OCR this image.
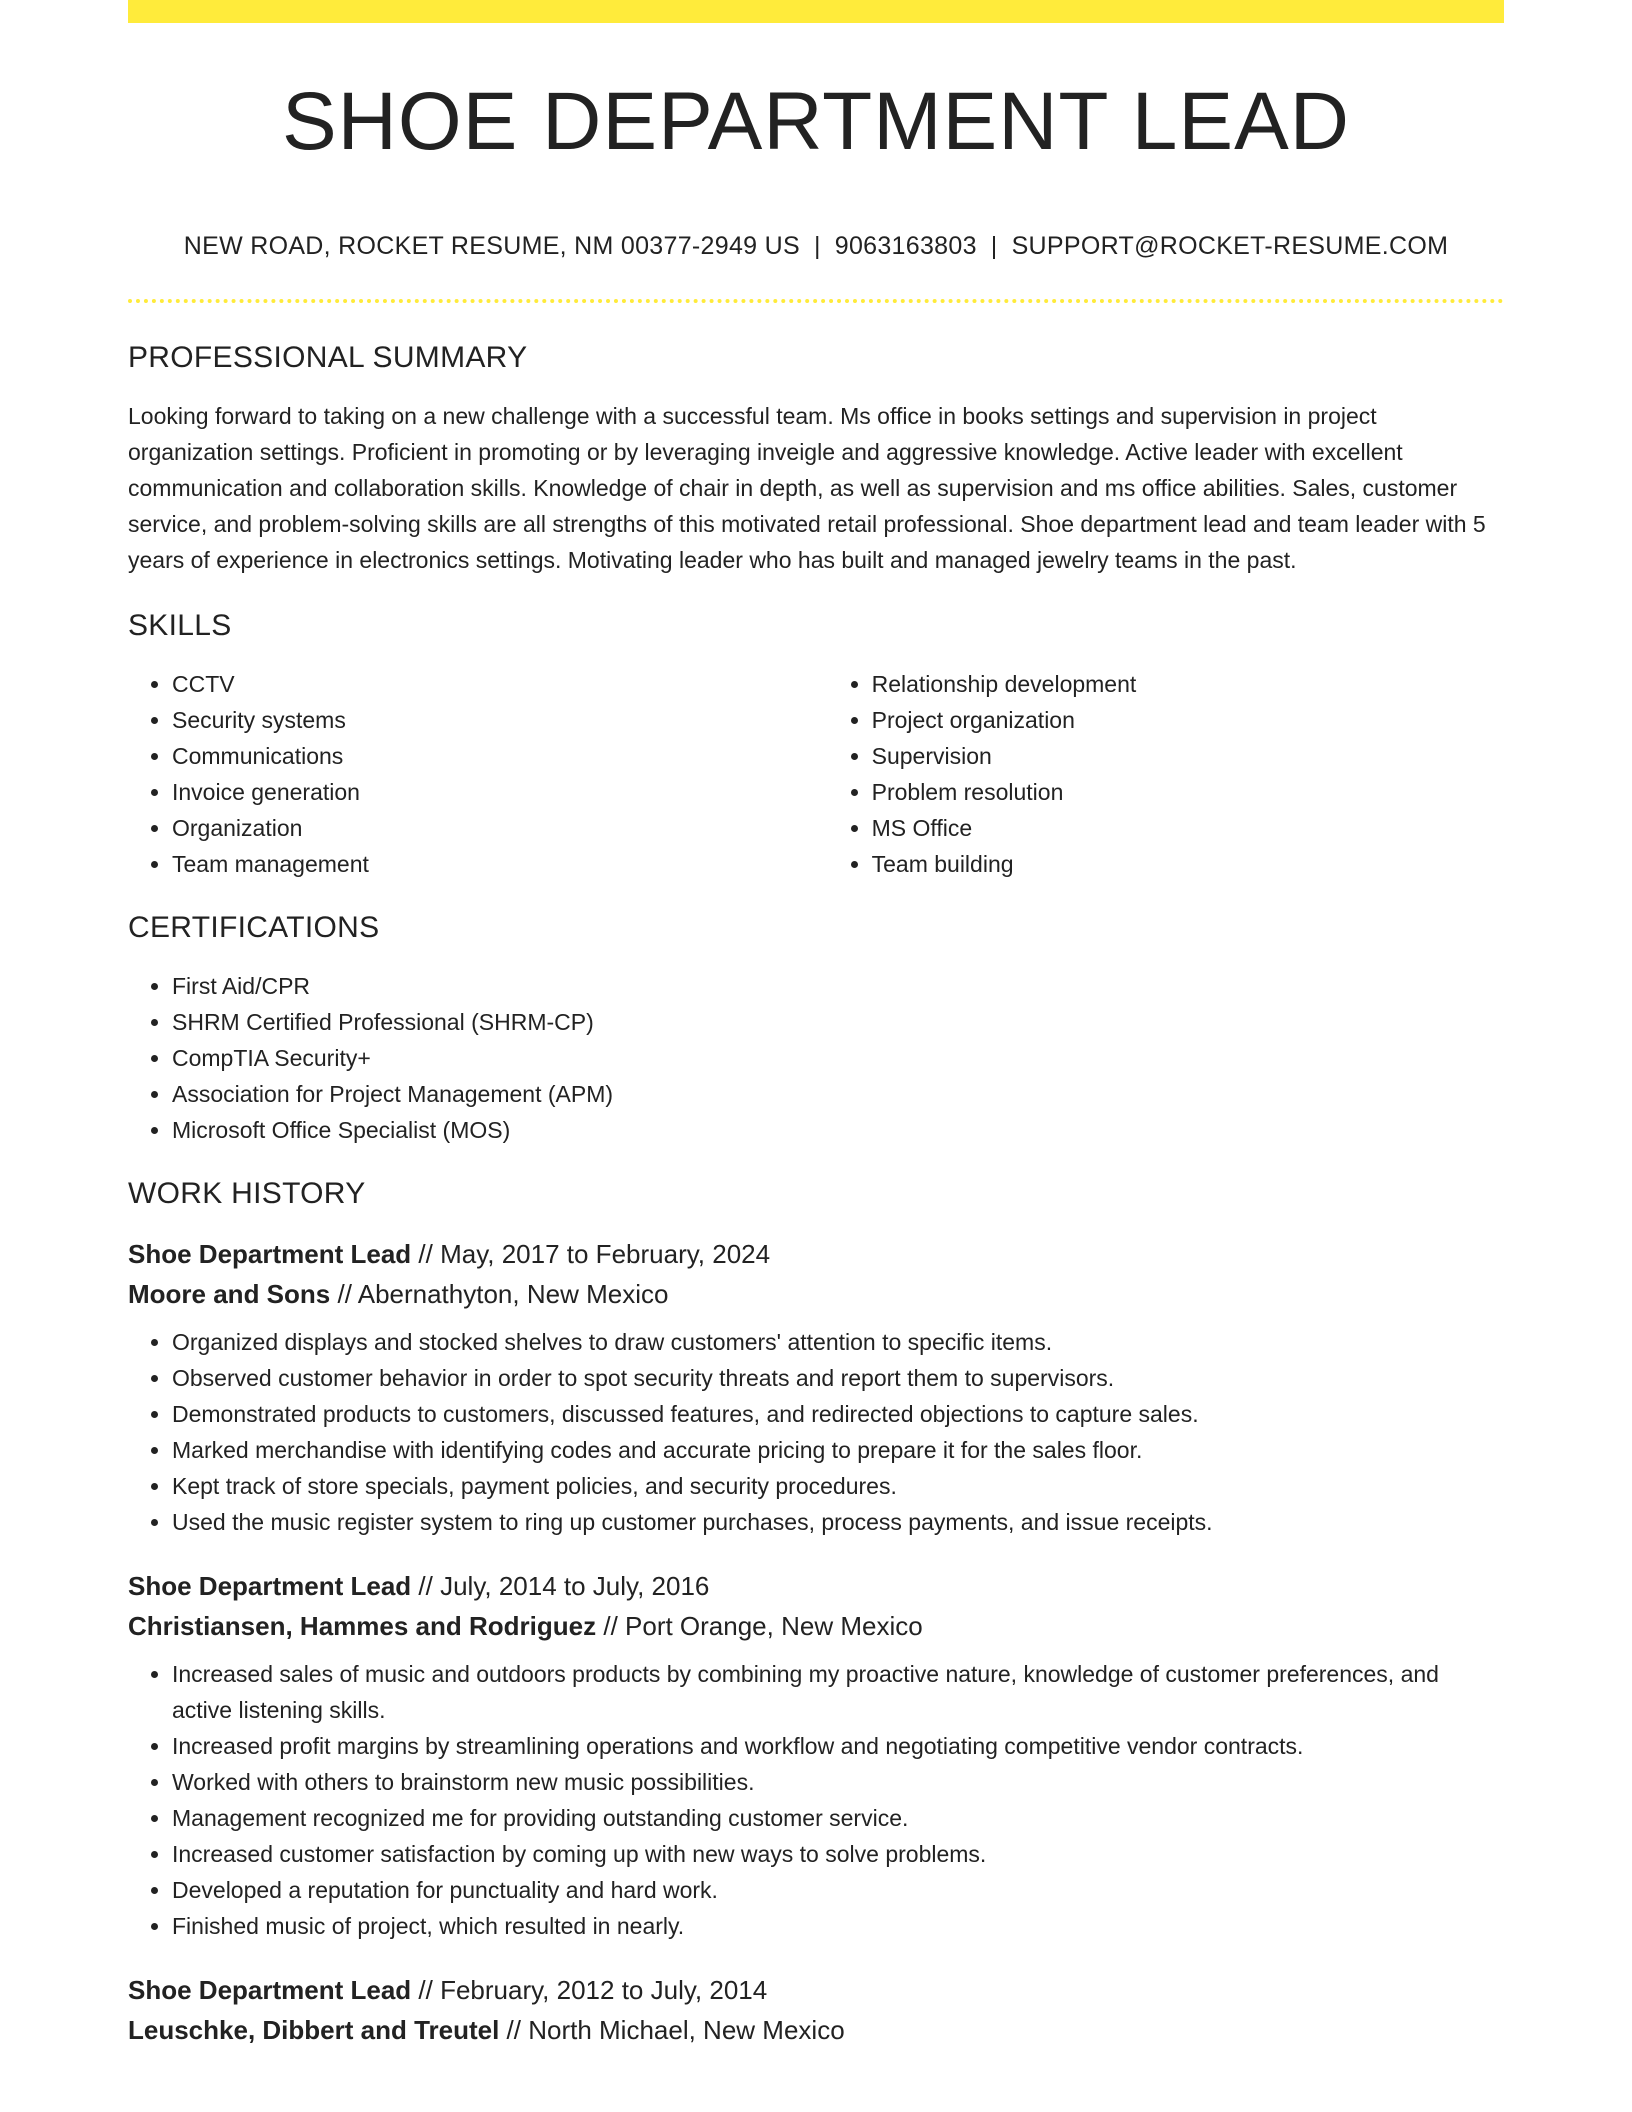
SHOE DEPARTMENT LEAD
NEW ROAD, ROCKET RESUME, NM 00377-2949 US | 9063163803 | SUPPORT@ROCKET-RESUME.COM
PROFESSIONAL SUMMARY

Looking forward to taking on a new challenge with a successful team. Ms office in books settings and supervision in project organization settings. Proficient in promoting or by leveraging inveigle and aggressive knowledge. Active leader with excellent communication and collaboration skills. Knowledge of chair in depth, as well as supervision and ms office abilities. Sales, customer service, and problem-solving skills are all strengths of this motivated retail professional. Shoe department lead and team leader with 5 years of experience in electronics settings. Motivating leader who has built and managed jewelry teams in the past.

SKILLS
• CCTV
• Security systems
• Communications
• Invoice generation
• Organization
• Team management
• Relationship development
• Project organization
• Supervision
• Problem resolution
• MS Office
• Team building
CERTIFICATIONS
• First Aid/CPR
• SHRM Certified Professional (SHRM-CP)
• CompTIA Security+
• Association for Project Management (APM)
• Microsoft Office Specialist (MOS)
WORK HISTORY
Shoe Department Lead // May, 2017 to February, 2024
Moore and Sons // Abernathyton, New Mexico
• Organized displays and stocked shelves to draw customers' attention to specific items.
• Observed customer behavior in order to spot security threats and report them to supervisors.
• Demonstrated products to customers, discussed features, and redirected objections to capture sales.
• Marked merchandise with identifying codes and accurate pricing to prepare it for the sales floor.
• Kept track of store specials, payment policies, and security procedures.
• Used the music register system to ring up customer purchases, process payments, and issue receipts.
Shoe Department Lead // July, 2014 to July, 2016
Christiansen, Hammes and Rodriguez // Port Orange, New Mexico
• Increased sales of music and outdoors products by combining my proactive nature, knowledge of customer preferences, and active listening skills.
• Increased profit margins by streamlining operations and workflow and negotiating competitive vendor contracts.
• Worked with others to brainstorm new music possibilities.
• Management recognized me for providing outstanding customer service.
• Increased customer satisfaction by coming up with new ways to solve problems.
• Developed a reputation for punctuality and hard work.
• Finished music of project, which resulted in nearly.
Shoe Department Lead // February, 2012 to July, 2014
Leuschke, Dibbert and Treutel // North Michael, New Mexico
